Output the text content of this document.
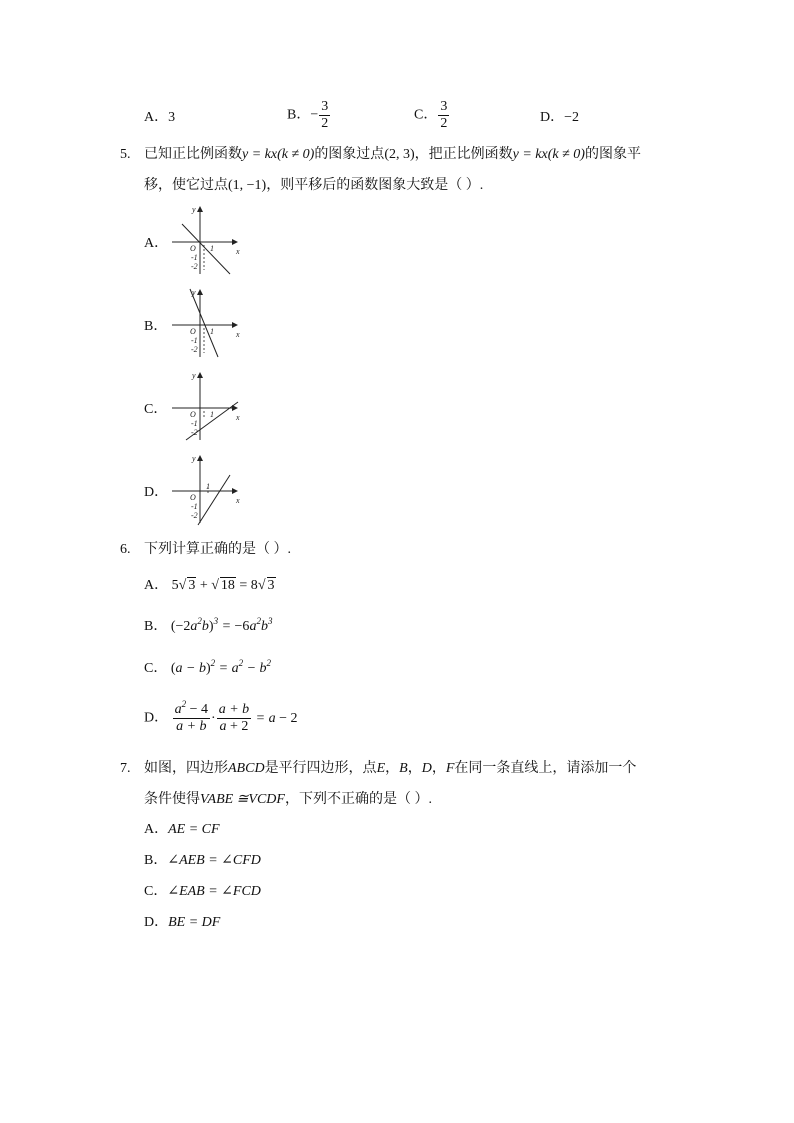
A．3	B．− $\frac{3}{2}$	C． $\frac{3}{2}$	D．−2
5. 已知正比例函数y = kx(k ≠ 0)的图象过点(2, 3)，把正比例函数y = kx(k ≠ 0)的图象平
移，使它过点(1, −1)，则平移后的函数图象大致是（ ）.
A．
B．
C．
D．
y
x
O 1
-1
-2
y
x
O 1
-1
-2
y
x
O 1
-1
-2
y
x
O
1
-1
-2
6. 下列计算正确的是（ ）.
A． 5√ 3 + √ 18 = 8√ 3
B． $(-2a^2b)^3 = -6a^2b^3$
C． $(a - b)^2 = a^2 - b^2$
D． $\frac{a^2 - 4}{a + b} \cdot \frac{a + b}{a + 2} = a - 2$
7. 如图，四边形ABCD是平行四边形，点E，B，D，F在同一条直线上，请添加一个
条件使得VABE ≅VCDF，下列不正确的是（ ）.
A．AE = CF
B．∠AEB = ∠CFD
C．∠EAB = ∠FCD
D．BE = DF
